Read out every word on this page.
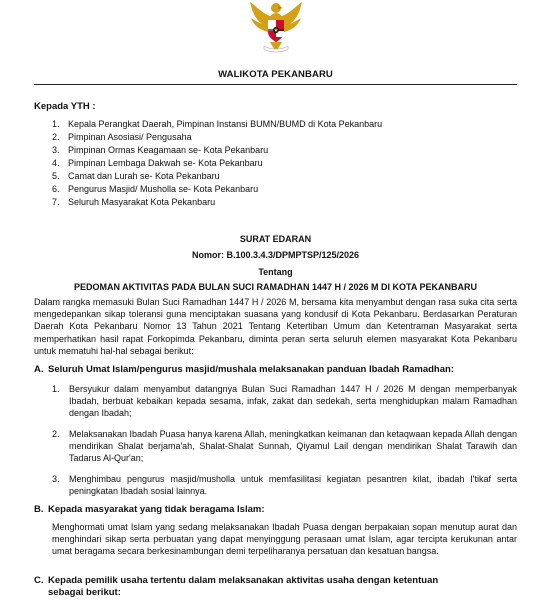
WALIKOTA PEKANBARU
Kepada YTH :
1. Kepala Perangkat Daerah, Pimpinan Instansi BUMN/BUMD di Kota Pekanbaru
2. Pimpinan Asosiasi/ Pengusaha
3. Pimpinan Ormas Keagamaan se- Kota Pekanbaru
4. Pimpinan Lembaga Dakwah se- Kota Pekanbaru
5. Camat dan Lurah se- Kota Pekanbaru
6. Pengurus Masjid/ Musholla se- Kota Pekanbaru
7. Seluruh Masyarakat Kota Pekanbaru
SURAT EDARAN
Nomor: B.100.3.4.3/DPMPTSP/125/2026
Tentang
PEDOMAN AKTIVITAS PADA BULAN SUCI RAMADHAN 1447 H / 2026 M DI KOTA PEKANBARU
Dalam rangka memasuki Bulan Suci Ramadhan 1447 H / 2026 M, bersama kita menyambut dengan rasa suka cita serta mengedepankan sikap toleransi guna menciptakan suasana yang kondusif di Kota Pekanbaru. Berdasarkan Peraturan Daerah Kota Pekanbaru Nomor 13 Tahun 2021 Tentang Ketertiban Umum dan Ketentraman Masyarakat serta memperhatikan hasil rapat Forkopimda Pekanbaru, diminta peran serta seluruh elemen masyarakat Kota Pekanbaru untuk mematuhi hal-hal sebagai berikut:
A. Seluruh Umat Islam/pengurus masjid/mushala melaksanakan panduan Ibadah Ramadhan:
1.	Bersyukur dalam menyambut datangnya Bulan Suci Ramadhan 1447 H / 2026 M dengan memperbanyak Ibadah, berbuat kebaikan kepada sesama, infak, zakat dan sedekah, serta menghidupkan malam Ramadhan dengan Ibadah;
2.	Melaksanakan Ibadah Puasa hanya karena Allah, meningkatkan keimanan dan ketaqwaan kepada Allah dengan mendirikan Shalat berjama'ah, Shalat-Shalat Sunnah, Qiyamul Lail dengan mendirikan Shalat Tarawih dan Tadarus Al-Qur'an;
3.	Menghimbau pengurus masjid/musholla untuk memfasilitasi kegiatan pesantren kilat, ibadah I'tikaf serta peningkatan Ibadah sosial lainnya.
B. Kepada masyarakat yang tidak beragama Islam:
Menghormati umat Islam yang sedang melaksanakan Ibadah Puasa dengan berpakaian sopan menutup aurat dan menghindari sikap serta perbuatan yang dapat menyinggung perasaan umat Islam, agar tercipta kerukunan antar umat beragama secara berkesinambungan demi terpeliharanya persatuan dan kesatuan bangsa.
C. Kepada pemilik usaha tertentu dalam melaksanakan aktivitas usaha dengan ketentuan
sebagai berikut:
